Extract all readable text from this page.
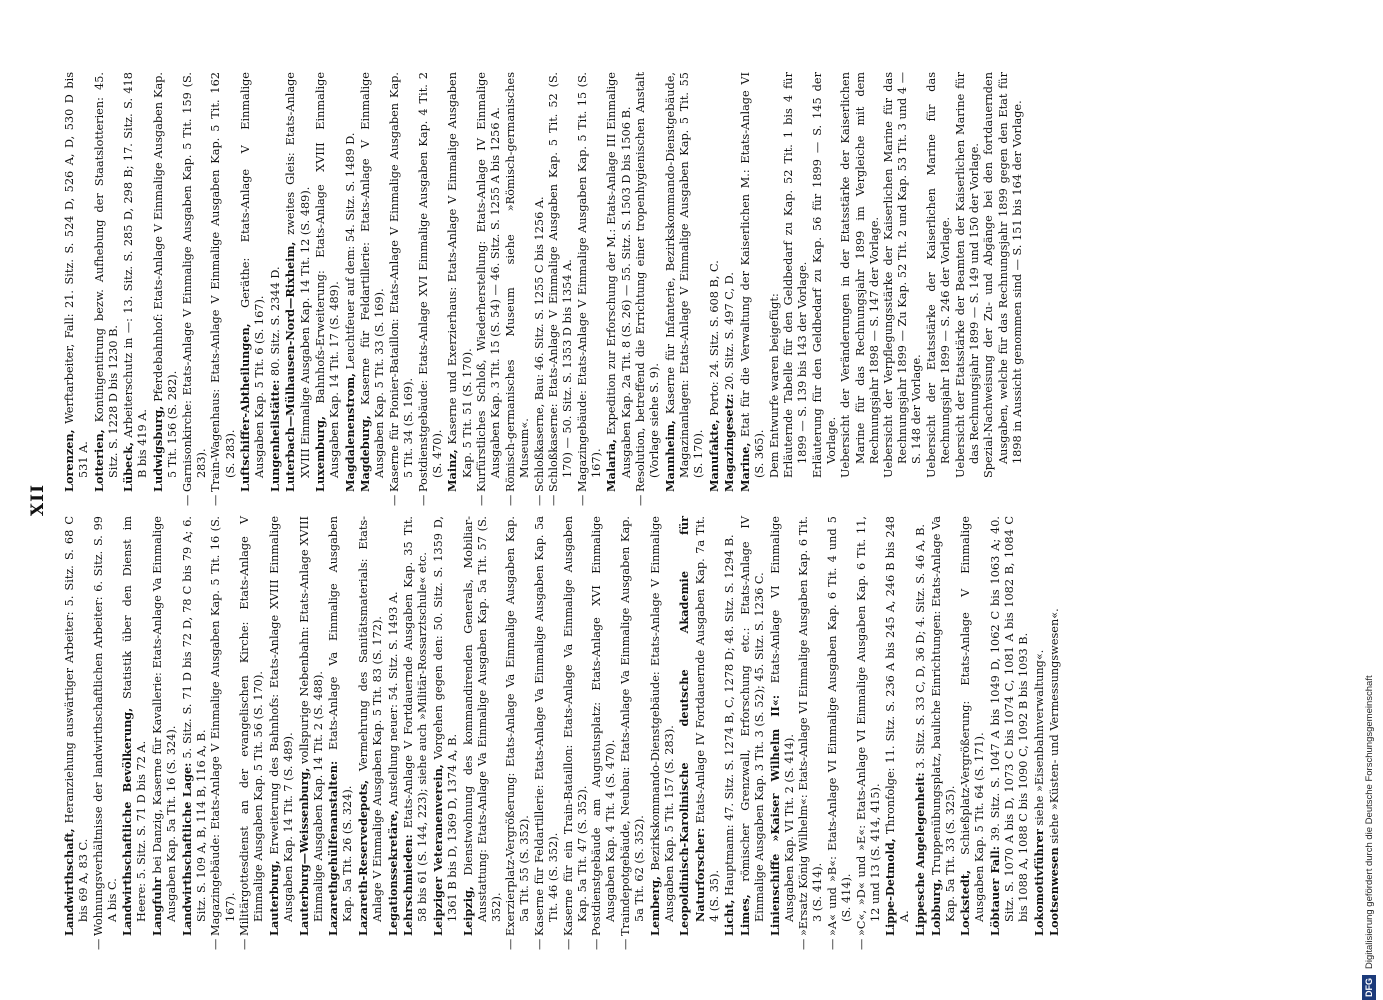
XII
Landwirthschaft, Heranziehung auswärtiger Arbeiter: 5. Sitz. S. 68 C bis 69 A, 83 C.
—Wohnungsverhältnisse der landwirthschaftlichen Arbeiter: 6. Sitz. S. 99 A bis C. Landwirthschaftliche Bevölkerung, Statistik über den Dienst im Heere: 5. Sitz. S. 71 D bis 72 A. Langfuhr bei Danzig, Kaserne für Kavallerie: Etats-Anlage Va Einmalige Ausgaben Kap. 5a Tit. 16 (S. 324). Landwirthschaftliche Lage: 5. Sitz. S. 71 D bis 72 D, 78 C bis 79 A; 6. Sitz. S. 109 A, B, 114 B, 116 A, B.
—Magazingebäude: Etats-Anlage V Einmalige Ausgaben Kap. 5 Tit. 16 (S. 167).
—Militärgottesdienst an der evangelischen Kirche: Etats-Anlage V Einmalige Ausgaben Kap. 5 Tit. 56 (S. 170). Lauterburg, Erweiterung des Bahnhofs: Etats-Anlage XVIII Einmalige Ausgaben Kap. 14 Tit. 7 (S. 489). Lauterburg—Weissenburg, vollspurige Nebenbahn: Etats-Anlage XVIII Einmalige Ausgaben Kap. 14 Tit. 2 (S. 488). Lazarethgehülfenanstalten: Etats-Anlage Va Einmalige Ausgaben Kap. 5a Tit. 26 (S. 324). Lazareth-Reservedepots, Vermehrung des Sanitätsmaterials: Etats-Anlage V Einmalige Ausgaben Kap. 5 Tit. 83 (S. 172). Legationssekretäre, Anstellung neuer: 54. Sitz. S. 1493 A.
Lehrschmieden: Etats-Anlage V Fortdauernde Ausgaben Kap. 35 Tit. 58 bis 61 (S. 144, 223); siehe auch »Militär-Rossarztschule« etc. Leipziger Veteranenverein, Vorgehen gegen den: 50. Sitz. S. 1359 D, 1361 B bis D, 1369 D, 1374 A, B. Leipzig, Dienstwohnung des kommandirenden Generals, Mobiliar-Ausstattung: Etats-Anlage Va Einmalige Ausgaben Kap. 5a Tit. 57 (S. 352).
—Exerzierplatz-Vergrößerung: Etats-Anlage Va Einmalige Ausgaben Kap. 5a Tit. 55 (S. 352).
—Kaserne für Feldartillerie: Etats-Anlage Va Einmalige Ausgaben Kap. 5a Tit. 46 (S. 352).
—Kaserne für ein Train-Bataillon: Etats-Anlage Va Einmalige Ausgaben Kap. 5a Tit. 47 (S. 352).
—Postdienstgebäude am Augustusplatz: Etats-Anlage XVI Einmalige Ausgaben Kap. 4 Tit. 4 (S. 470).
—Traindepotgebäude, Neubau: Etats-Anlage Va Einmalige Ausgaben Kap. 5a Tit. 62 (S. 352). Lemberg, Bezirkskommando-Dienstgebäude: Etats-Anlage V Einmalige Ausgaben Kap. 5 Tit. 157 (S. 283). Leopoldinisch-Karolinische deutsche Akademie für Naturforscher: Etats-Anlage IV Fortdauernde Ausgaben Kap. 7a Tit. 4 (S. 35). Licht, Hauptmann: 47. Sitz. S. 1274 B, C, 1278 D; 48. Sitz. S. 1294 B.
Limes, römischer Grenzwall, Erforschung etc.: Etats-Anlage IV Einmalige Ausgaben Kap. 3 Tit. 3 (S. 52); 45. Sitz. S. 1236 C. Linienschiffe »Kaiser Wilhelm II«: Etats-Anlage VI Einmalige Ausgaben Kap. VI Tit. 2 (S. 414).
—»Ersatz König Wilhelm«: Etats-Anlage VI Einmalige Ausgaben Kap. 6 Tit. 3 (S. 414).
—»A« und »B«: Etats-Anlage VI Einmalige Ausgaben Kap. 6 Tit. 4 und 5 (S. 414).
—»C«, »D« und »E«: Etats-Anlage VI Einmalige Ausgaben Kap. 6 Tit. 11, 12 und 13 (S. 414, 415). Lippe-Detmold, Thronfolge: 11. Sitz. S. 236 A bis 245 A, 246 B bis 248 A. Lippesche Angelegenheit: 3. Sitz. S. 33 C, D, 36 D; 4. Sitz. S. 46 A, B.
Lobburg, Truppenübungsplatz, bauliche Einrichtungen: Etats-Anlage Va Kap. 5a Tit. 33 (S. 325). Lockstedt, Schießplatz-Vergrößerung: Etats-Anlage V Einmalige Ausgaben Kap. 5 Tit. 64 (S. 171). Löbtauer Fall: 39. Sitz. S. 1047 A bis 1049 D, 1062 C bis 1063 A; 40. Sitz. S. 1070 A bis D, 1073 C bis 1074 C, 1081 A bis 1082 B, 1084 C bis 1088 A, 1088 C bis 1090 C, 1092 B bis 1093 B. Lokomotivführer siehe »Eisenbahnverwaltung«.
Lootsenwesen siehe »Küsten- und Vermessungswesen«.
Lorenzen, Werftarbeiter, Fall: 21. Sitz. S. 524 D, 526 A, D, 530 D bis 531 A. Lotterien, Kontingentirung bezw. Aufhebung der Staatslotterien: 45. Sitz. S. 1228 D bis 1230 B. Lübeck, Arbeiterschutz in —: 13. Sitz. S. 285 D, 298 B; 17. Sitz. S. 418 B bis 419 A. Ludwigsburg, Pferdebahnhof: Etats-Anlage V Einmalige Ausgaben Kap. 5 Tit. 156 (S. 282).
—Garnisonkirche: Etats-Anlage V Einmalige Ausgaben Kap. 5 Tit. 159 (S. 283).
—Train-Wagenhaus: Etats-Anlage V Einmalige Ausgaben Kap. 5 Tit. 162 (S. 283). Luftschiffer-Abtheilungen, Geräthe: Etats-Anlage V Einmalige Ausgaben Kap. 5 Tit. 6 (S. 167). Lungenheilstätte: 80. Sitz. S. 2344 D. Luterbach—Mülhausen-Nord—Rixheim, zweites Gleis: Etats-Anlage XVIII Einmalige Ausgaben Kap. 14 Tit. 12 (S. 489). Luxemburg, Bahnhofs-Erweiterung: Etats-Anlage XVIII Einmalige Ausgaben Kap. 14 Tit. 17 (S. 489). Magdalenenstrom, Leuchtfeuer auf dem: 54. Sitz. S. 1489 D.
Magdeburg, Kaserne für Feldartillerie: Etats-Anlage V Einmalige Ausgaben Kap. 5 Tit. 33 (S. 169).
—Kaserne für Pionier-Bataillon: Etats-Anlage V Einmalige Ausgaben Kap. 5 Tit. 34 (S. 169).
—Postdienstgebäude: Etats-Anlage XVI Einmalige Ausgaben Kap. 4 Tit. 2 (S. 470). Mainz, Kaserne und Exerzierhaus: Etats-Anlage V Einmalige Ausgaben Kap. 5 Tit. 51 (S. 170).
—Kurfürstliches Schloß, Wiederherstellung: Etats-Anlage IV Einmalige Ausgaben Kap. 3 Tit. 15 (S. 54) — 46. Sitz. S. 1255 A bis 1256 A.
—Römisch-germanisches Museum siehe »Römisch-germanisches Museum«.
—Schloßkaserne, Bau: 46. Sitz. S. 1255 C bis 1256 A.
—Schloßkaserne: Etats-Anlage V Einmalige Ausgaben Kap. 5 Tit. 52 (S. 170) — 50. Sitz. S. 1353 D bis 1354 A.
—Magazingebäude: Etats-Anlage V Einmalige Ausgaben Kap. 5 Tit. 15 (S. 167). Malaria, Expedition zur Erforschung der M.: Etats-Anlage III Einmalige Ausgaben Kap. 2a Tit. 8 (S. 26) — 55. Sitz. S. 1503 D bis 1506 B.
—Resolution, betreffend die Errichtung einer tropenhygienischen Anstalt (Vorlage siehe S. 9). Mannheim, Kaserne für Infanterie, Bezirkskommando-Dienstgebäude, Magazinanlagen: Etats-Anlage V Einmalige Ausgaben Kap. 5 Tit. 55 (S. 170). Manufakte, Porto: 24. Sitz. S. 608 B, C.
Magazingesetz: 20. Sitz. S. 497 C, D.
Marine, Etat für die Verwaltung der Kaiserlichen M.: Etats-Anlage VI (S. 365). Dem Entwurfe waren beigefügt: Erläuternde Tabelle für den Geldbedarf zu Kap. 52 Tit. 1 bis 4 für 1899 — S. 139 bis 143 der Vorlage. Erläuterung für den Geldbedarf zu Kap. 56 für 1899 — S. 145 der Vorlage. Uebersicht der Veränderungen in der Etatsstärke der Kaiserlichen Marine für das Rechnungsjahr 1899 im Vergleiche mit dem Rechnungsjahr 1898 — S. 147 der Vorlage. Uebersicht der Verpflegungsstärke der Kaiserlichen Marine für das Rechnungsjahr 1899 — Zu Kap. 52 Tit. 2 und Kap. 53 Tit. 3 und 4 — S. 148 der Vorlage. Uebersicht der Etatsstärke der Kaiserlichen Marine für das Rechnungsjahr 1899 — S. 246 der Vorlage. Uebersicht der Etatsstärke der Beamten der Kaiserlichen Marine für das Rechnungsjahr 1899 — S. 149 und 150 der Vorlage. Spezial-Nachweisung der Zu- und Abgänge bei den fortdauernden Ausgaben, welche für das Rechnungsjahr 1899 gegen den Etat für 1898 in Aussicht genommen sind — S. 151 bis 164 der Vorlage.
DFGDigitalisierung gefördert durch die Deutsche Forschungsgemeinschaft
